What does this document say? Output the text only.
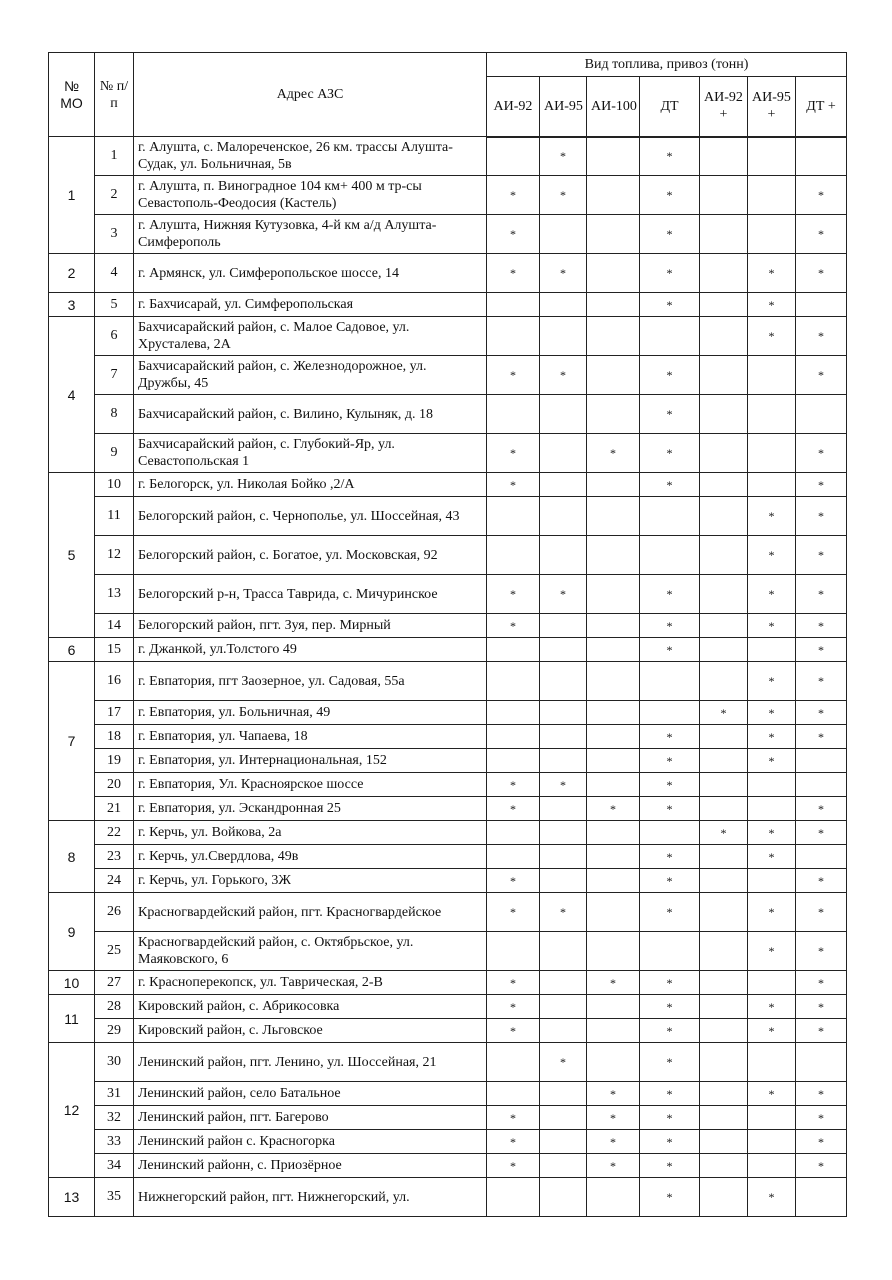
№ МО	№ п/п	Адрес АЗС	Вид топлива, привоз (тонн)						
			АИ-92	АИ-95	АИ-100	ДТ	АИ-92 +	АИ-95 +	ДТ +
1	1	г. Алушта, с. Малореченское, 26 км. трассы Алушта-Судак, ул. Больничная, 5в		*		*			
	2	г. Алушта, п. Виноградное 104 км+ 400 м тр-сы Севастополь-Феодосия (Кастель)	*	*		*			*
	3	г. Алушта, Нижняя Кутузовка, 4-й км а/д Алушта- Симферополь	*			*			*
2	4	г. Армянск, ул. Симферопольское шоссе, 14	*	*		*		*	*
3	5	г. Бахчисарай, ул. Симферопольская				*		*	
4	6	Бахчисарайский район, с. Малое Садовое, ул. Хрусталева, 2А						*	*
	7	Бахчисарайский район, с. Железнодорожное, ул. Дружбы, 45	*	*		*			*
	8	Бахчисарайский район, с. Вилино, Кулыняк, д. 18				*			
	9	Бахчисарайский район, с. Глубокий-Яр, ул. Севастопольская 1	*		*	*			*
5	10	г. Белогорск, ул. Николая Бойко ,2/А	*			*			*
	11	Белогорский район, с. Чернополье, ул. Шоссейная, 43						*	*
	12	Белогорский район, с. Богатое, ул. Московская, 92						*	*
	13	Белогорский р-н, Трасса Таврида, с. Мичуринское	*	*		*		*	*
	14	Белогорский район, пгт. Зуя, пер. Мирный	*			*		*	*
6	15	г. Джанкой, ул.Толстого 49				*			*
7	16	г. Евпатория, пгт Заозерное, ул. Садовая, 55а						*	*
	17	г. Евпатория, ул. Больничная, 49					*	*	*
	18	г. Евпатория, ул. Чапаева, 18				*		*	*
	19	г. Евпатория, ул. Интернациональная, 152				*		*	
	20	г. Евпатория, Ул. Красноярское шоссе	*	*		*			
	21	г. Евпатория, ул. Эскандронная 25	*		*	*			*
8	22	г. Керчь, ул. Войкова, 2а					*	*	*
	23	г. Керчь, ул.Свердлова, 49в				*		*	
	24	г. Керчь, ул. Горького, 3Ж	*			*			*
9	26	Красногвардейский район, пгт. Красногвардейское	*	*		*		*	*
	25	Красногвардейский район, с. Октябрьское, ул. Маяковского, 6						*	*
10	27	г. Красноперекопск, ул. Таврическая, 2-В	*		*	*			*
11	28	Кировский район, с. Абрикосовка	*			*		*	*
	29	Кировский район, с. Льговское	*			*		*	*
12	30	Ленинский район, пгт. Ленино, ул. Шоссейная, 21		*		*			
	31	Ленинский район, село Батальное			*	*		*	*
	32	Ленинский район, пгт. Багерово	*		*	*			*
	33	Ленинский район с. Красногорка	*		*	*			*
	34	Ленинский районн, с. Приозёрное	*		*	*			*
13	35	Нижнегорский район, пгт. Нижнегорский, ул.				*		*	
